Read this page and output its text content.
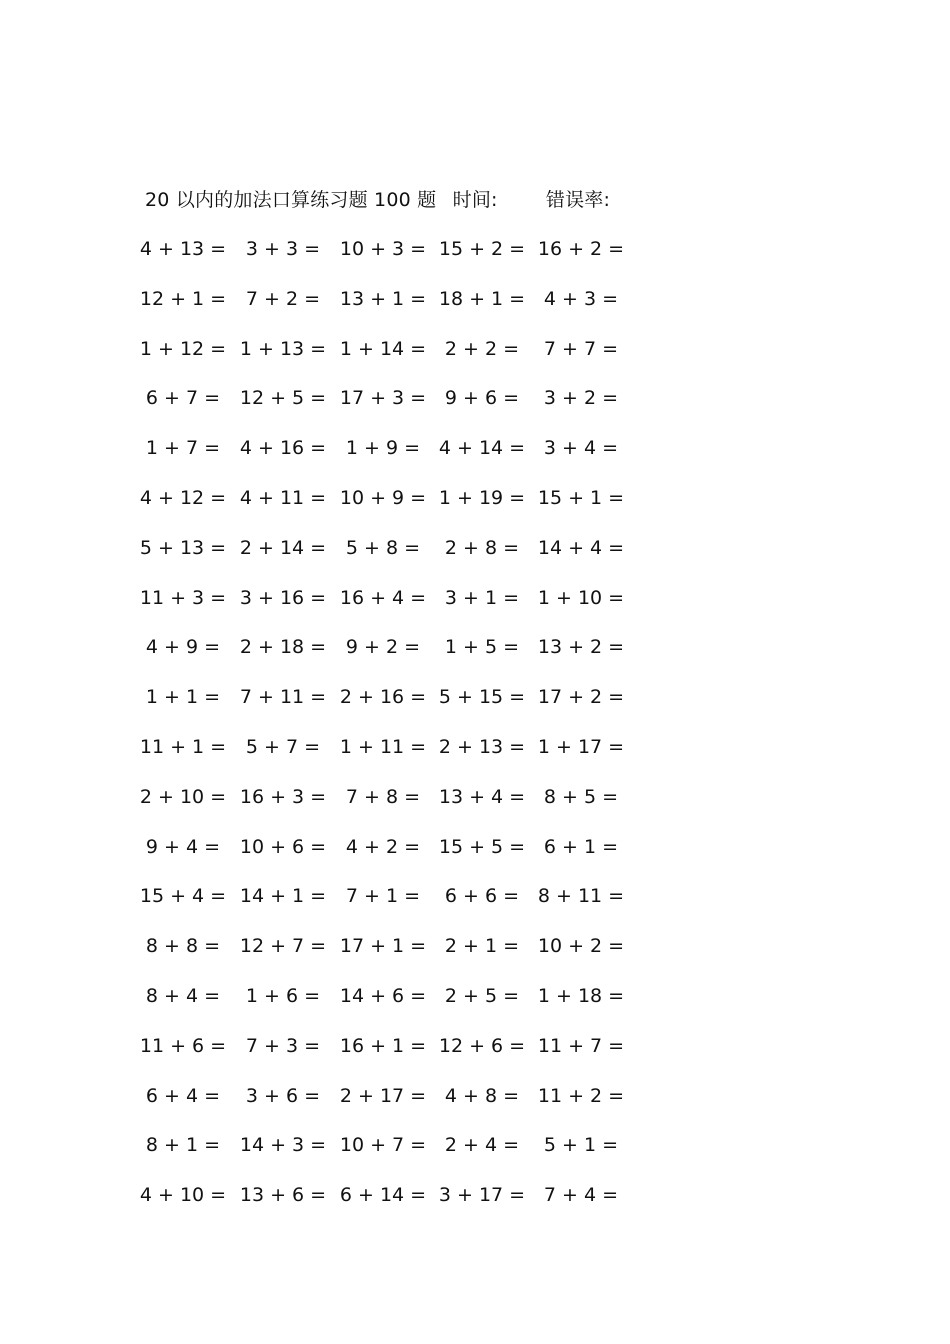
20 以内的加法口算练习题 100 题 时间:	错误率:
4 + 13 =	3 + 3 =	10 + 3 = 15 + 2 = 16 + 2 =
12 + 1 =	7 + 2 =	13 + 1 = 18 + 1 = 4 + 3 =
1 + 12 = 1 + 13 = 1 + 14 = 2 + 2 =	7 + 7 =
6 + 7 =	12 + 5 = 17 + 3 = 9 + 6 =	3 + 2 =
1 + 7 =	4 + 16 =	1 + 9 = 4 + 14 = 3 + 4 =
4 + 12 = 4 + 11 = 10 + 9 = 1 + 19 = 15 + 1 =
5 + 13 = 2 + 14 =	5 + 8 =	2 + 8 = 14 + 4 =
11 + 3 = 3 + 16 = 16 + 4 = 3 + 1 = 1 + 10 =
4 + 9 =	2 + 18 =	9 + 2 =	1 + 5 = 13 + 2 =
1 + 1 =	7 + 11 = 2 + 16 = 5 + 15 = 17 + 2 =
11 + 1 =	5 + 7 =	1 + 11 = 2 + 13 = 1 + 17 =
2 + 10 = 16 + 3 =	7 + 8 = 13 + 4 = 8 + 5 =
9 + 4 =	10 + 6 =	4 + 2 = 15 + 5 = 6 + 1 =
15 + 4 = 14 + 1 =	7 + 1 =	6 + 6 = 8 + 11 =
8 + 8 =	12 + 7 = 17 + 1 = 2 + 1 = 10 + 2 =
8 + 4 =	1 + 6 =	14 + 6 = 2 + 5 = 1 + 18 =
11 + 6 =	7 + 3 =	16 + 1 = 12 + 6 = 11 + 7 =
6 + 4 =	3 + 6 =	2 + 17 = 4 + 8 = 11 + 2 =
8 + 1 =	14 + 3 = 10 + 7 = 2 + 4 =	5 + 1 =
4 + 10 = 13 + 6 = 6 + 14 = 3 + 17 = 7 + 4 =
